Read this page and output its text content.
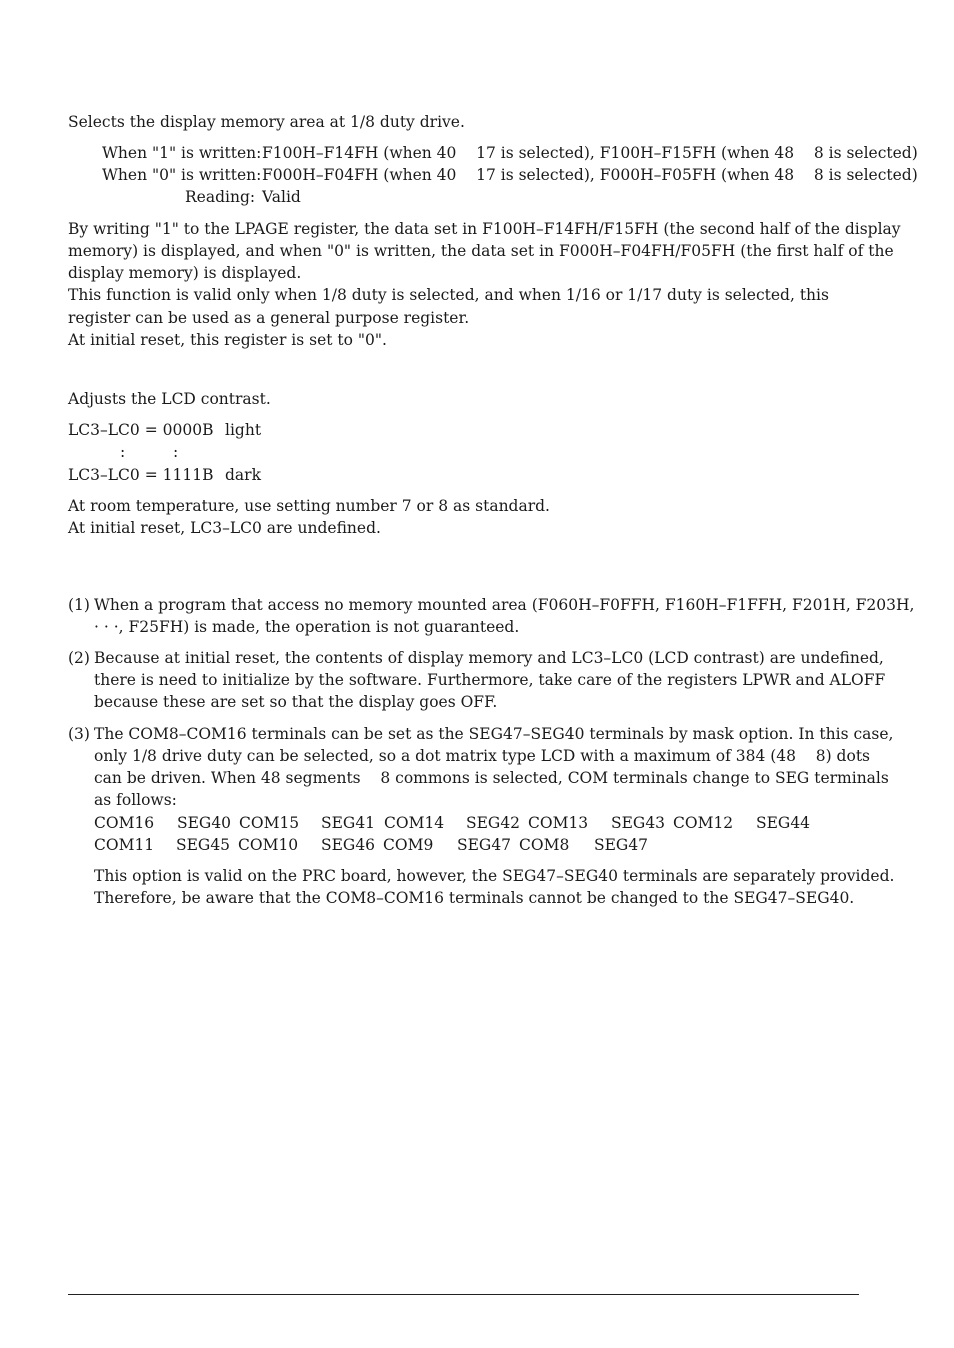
Selects the display memory area at 1/8 duty drive.

When "1" is written: F100H–F14FH (when 40    17 is selected), F100H–F15FH (when 48    8 is selected)

When "0" is written: F000H–F04FH (when 40    17 is selected), F000H–F05FH (when 48    8 is selected)

Reading: Valid

By writing "1" to the LPAGE register, the data set in F100H–F14FH/F15FH (the second half of the display

memory) is displayed, and when "0" is written, the data set in F000H–F04FH/F05FH (the first half of the

display memory) is displayed.

This function is valid only when 1/8 duty is selected, and when 1/16 or 1/17 duty is selected, this

register can be used as a general purpose register.

At initial reset, this register is set to "0".

Adjusts the LCD contrast.

LC3–LC0 = 0000B light

:	:

LC3–LC0 = 1111B dark

At room temperature, use setting number 7 or 8 as standard.

At initial reset, LC3–LC0 are undefined.

(1) When a program that access no memory mounted area (F060H–F0FFH, F160H–F1FFH, F201H, F203H,

· · ·, F25FH) is made, the operation is not guaranteed.

(2) Because at initial reset, the contents of display memory and LC3–LC0 (LCD contrast) are undefined,

there is need to initialize by the software. Furthermore, take care of the registers LPWR and ALOFF

because these are set so that the display goes OFF.

(3) The COM8–COM16 terminals can be set as the SEG47–SEG40 terminals by mask option. In this case,

only 1/8 drive duty can be selected, so a dot matrix type LCD with a maximum of 384 (48    8) dots

can be driven. When 48 segments    8 commons is selected, COM terminals change to SEG terminals

as follows:

COM16 SEG40 COM15 SEG41 COM14 SEG42 COM13 SEG43 COM12 SEG44

COM11 SEG45 COM10 SEG46 COM9 SEG47 COM8 SEG47

This option is valid on the PRC board, however, the SEG47–SEG40 terminals are separately provided.

Therefore, be aware that the COM8–COM16 terminals cannot be changed to the SEG47–SEG40.
